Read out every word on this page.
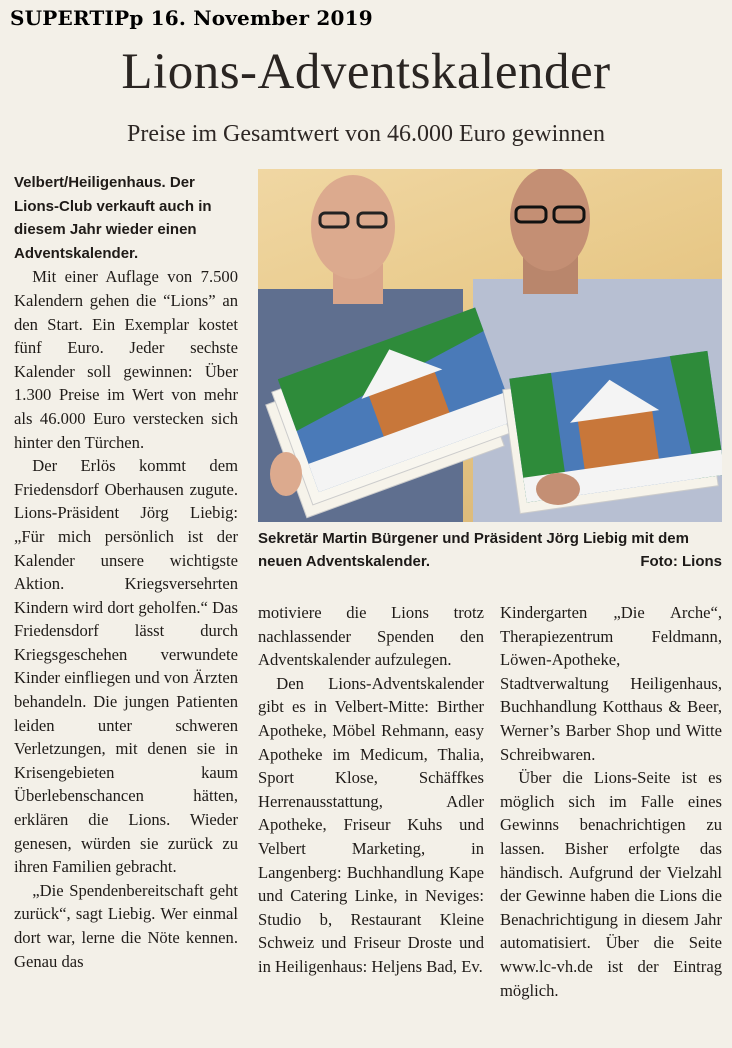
SUPERTIPp 16. November 2019
Lions-Adventskalender
Preise im Gesamtwert von 46.000 Euro gewinnen

Velbert/Heiligenhaus. Der Lions-Club verkauft auch in diesem Jahr wieder einen Adventskalender.

Mit einer Auflage von 7.500 Kalendern gehen die “Lions” an den Start. Ein Exemplar kostet fünf Euro. Jeder sechste Kalender soll gewinnen: Über 1.300 Preise im Wert von mehr als 46.000 Euro verstecken sich hinter den Türchen.

Der Erlös kommt dem Friedensdorf Oberhausen zugute. Lions-Präsident Jörg Liebig: „Für mich persönlich ist der Kalender unsere wichtigste Aktion. Kriegsversehrten Kindern wird dort geholfen.“ Das Friedensdorf lässt durch Kriegsgeschehen verwundete Kinder einfliegen und von Ärzten behandeln. Die jungen Patienten leiden unter schweren Verletzungen, mit denen sie in Krisengebieten kaum Überlebenschancen hätten, erklären die Lions. Wieder genesen, würden sie zurück zu ihren Familien gebracht.

„Die Spendenbereitschaft geht zurück“, sagt Liebig. Wer einmal dort war, lerne die Nöte kennen. Genau das

Sekretär Martin Bürgener und Präsident Jörg Liebig mit dem neuen Adventskalender.	Foto: Lions

motiviere die Lions trotz nachlassender Spenden den Adventskalender aufzulegen.

Den Lions-Adventskalender gibt es in Velbert-Mitte: Birther Apotheke, Möbel Rehmann, easy Apotheke im Medicum, Thalia, Sport Klose, Schäffkes Herrenausstattung, Adler Apotheke, Friseur Kuhs und Velbert Marketing, in Langenberg: Buchhandlung Kape und Catering Linke, in Neviges: Studio b, Restaurant Kleine Schweiz und Friseur Droste und in Heiligenhaus: Heljens Bad, Ev.

Kindergarten „Die Arche“, Therapiezentrum Feldmann, Löwen-Apotheke, Stadtverwaltung Heiligenhaus, Buchhandlung Kotthaus & Beer, Werner’s Barber Shop und Witte Schreibwaren.

Über die Lions-Seite ist es möglich sich im Falle eines Gewinns benachrichtigen zu lassen. Bisher erfolgte das händisch. Aufgrund der Vielzahl der Gewinne haben die Lions die Benachrichtigung in diesem Jahr automatisiert. Über die Seite www.lc-vh.de ist der Eintrag möglich.
